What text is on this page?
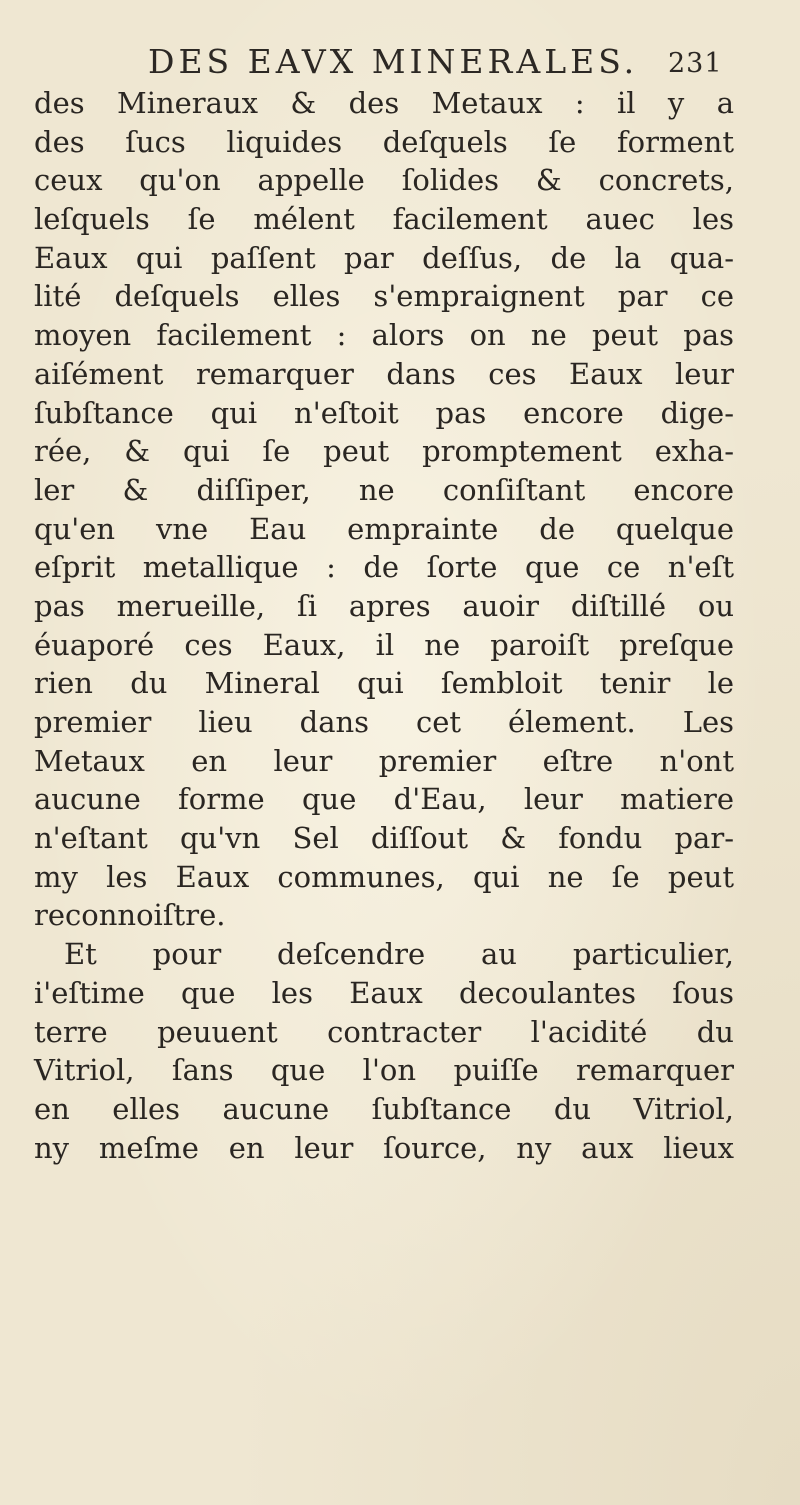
DES EAVX MINERALES. 231
des Mineraux & des Metaux : il y a
des ſucs liquides deſquels ſe forment
ceux qu'on appelle ſolides & concrets,
leſquels ſe mélent facilement auec les
Eaux qui paſſent par deſſus, de la qua-
lité deſquels elles s'empraignent par ce
moyen facilement : alors on ne peut pas
aiſément remarquer dans ces Eaux leur
ſubſtance qui n'eſtoit pas encore dige-
rée, & qui ſe peut promptement exha-
ler & diſſiper, ne conſiſtant encore
qu'en vne Eau emprainte de quelque
eſprit metallique : de ſorte que ce n'eſt
pas merueille, ſi apres auoir diſtillé ou
éuaporé ces Eaux, il ne paroiſt preſque
rien du Mineral qui ſembloit tenir le
premier lieu dans cet élement. Les
Metaux en leur premier eſtre n'ont
aucune forme que d'Eau, leur matiere
n'eſtant qu'vn Sel diſſout & fondu par-
my les Eaux communes, qui ne ſe peut
reconnoiſtre.
Et pour deſcendre au particulier,
i'eſtime que les Eaux decoulantes ſous
terre peuuent contracter l'acidité du
Vitriol, ſans que l'on puiſſe remarquer
en elles aucune ſubſtance du Vitriol,
ny meſme en leur ſource, ny aux lieux
